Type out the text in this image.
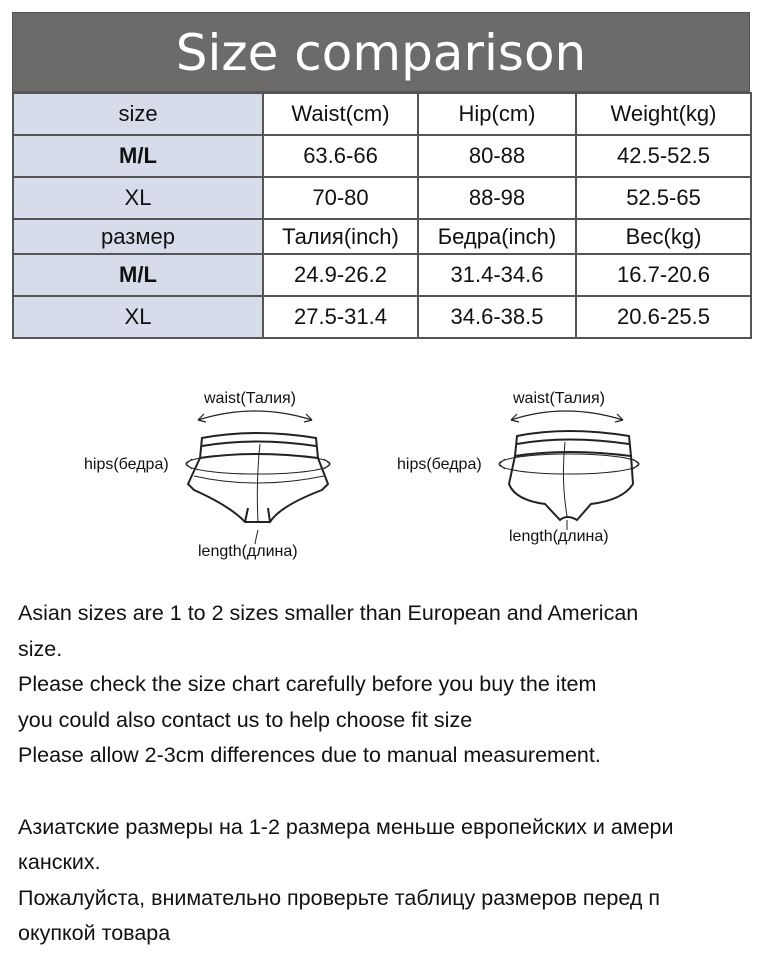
Size comparison
size	Waist(cm)	Hip(cm)	Weight(kg)
M/L	63.6-66	80-88	42.5-52.5
XL	70-80	88-98	52.5-65
размер	Талия(inch)	Бедра(inch)	Вес(kg)
M/L	24.9-26.2	31.4-34.6	16.7-20.6
XL	27.5-31.4	34.6-38.5	20.6-25.5
waist(Талия)
hips(бедра)
length(длина)
waist(Талия)
hips(бедра)
length(длина)

Asian sizes are 1 to 2 sizes smaller than European and American

size.

Please check the size chart carefully before you buy the item

you could also contact us to help choose fit size

Please allow 2-3cm differences due to manual measurement.

Азиатские размеры на 1-2 размера меньше европейских и амери

канских.

Пожалуйста, внимательно проверьте таблицу размеров перед п

окупкой товара
